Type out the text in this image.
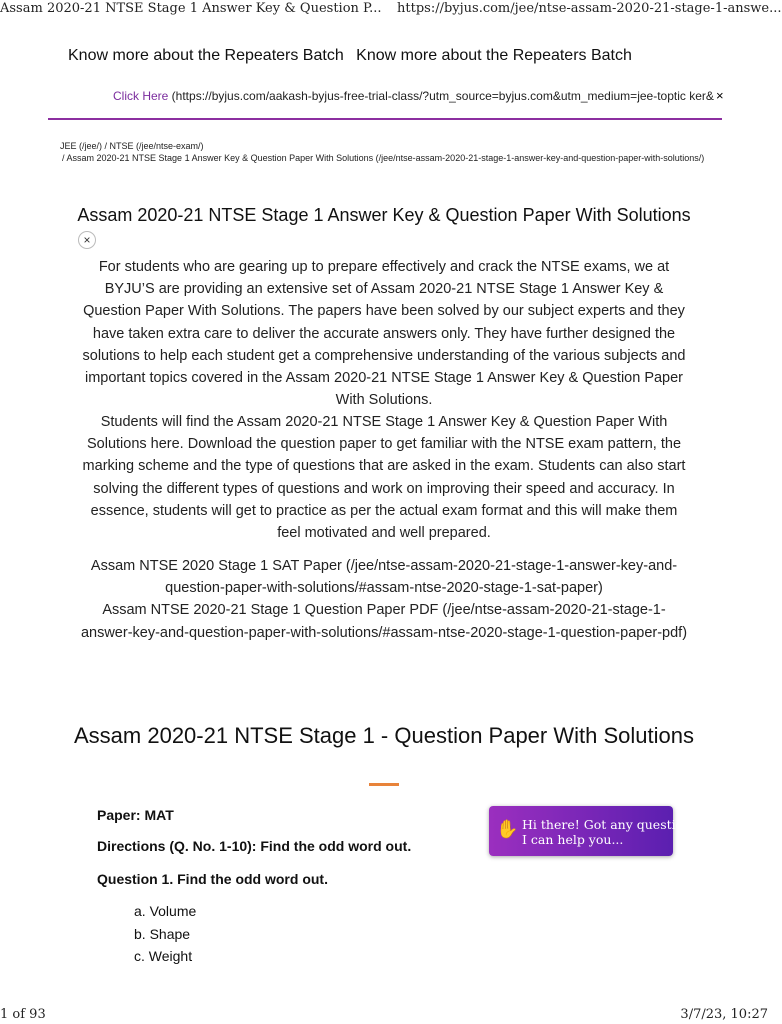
Assam 2020-21 NTSE Stage 1 Answer Key & Question P... https://byjus.com/jee/ntse-assam-2020-21-stage-1-answe...
Know more about the Repeaters Batch Know more about the Repeaters Batch
Click Here (https://byjus.com/aakash-byjus-free-trial-class/?utm_source=byjus.com&utm_medium=jee-toptic ker& ×
JEE (/jee/) / NTSE (/jee/ntse-exam/)
/ Assam 2020-21 NTSE Stage 1 Answer Key & Question Paper With Solutions (/jee/ntse-assam-2020-21-stage-1-answer-key-and-question-paper-with-solutions/)
Assam 2020-21 NTSE Stage 1 Answer Key & Question Paper With Solutions
×

For students who are gearing up to prepare effectively and crack the NTSE exams, we at BYJU’S are providing an extensive set of Assam 2020-21 NTSE Stage 1 Answer Key & Question Paper With Solutions. The papers have been solved by our subject experts and they have taken extra care to deliver the accurate answers only. They have further designed the solutions to help each student get a comprehensive understanding of the various subjects and important topics covered in the Assam 2020-21 NTSE Stage 1 Answer Key & Question Paper With Solutions.

Students will find the Assam 2020-21 NTSE Stage 1 Answer Key & Question Paper With Solutions here. Download the question paper to get familiar with the NTSE exam pattern, the marking scheme and the type of questions that are asked in the exam. Students can also start solving the different types of questions and work on improving their speed and accuracy. In essence, students will get to practice as per the actual exam format and this will make them feel motivated and well prepared.

Assam NTSE 2020 Stage 1 SAT Paper (/jee/ntse-assam-2020-21-stage-1-answer-key-and-question-paper-with-solutions/#assam-ntse-2020-stage-1-sat-paper)
Assam NTSE 2020-21 Stage 1 Question Paper PDF (/jee/ntse-assam-2020-21-stage-1-answer-key-and-question-paper-with-solutions/#assam-ntse-2020-stage-1-question-paper-pdf)
Assam 2020-21 NTSE Stage 1 - Question Paper With Solutions
Paper: MAT
Directions (Q. No. 1-10): Find the odd word out.
Question 1. Find the odd word out.
a. Volume
b. Shape
c. Weight
✋ Hi there! Got any questions?
I can help you...
1 of 93	3/7/23, 10:27
